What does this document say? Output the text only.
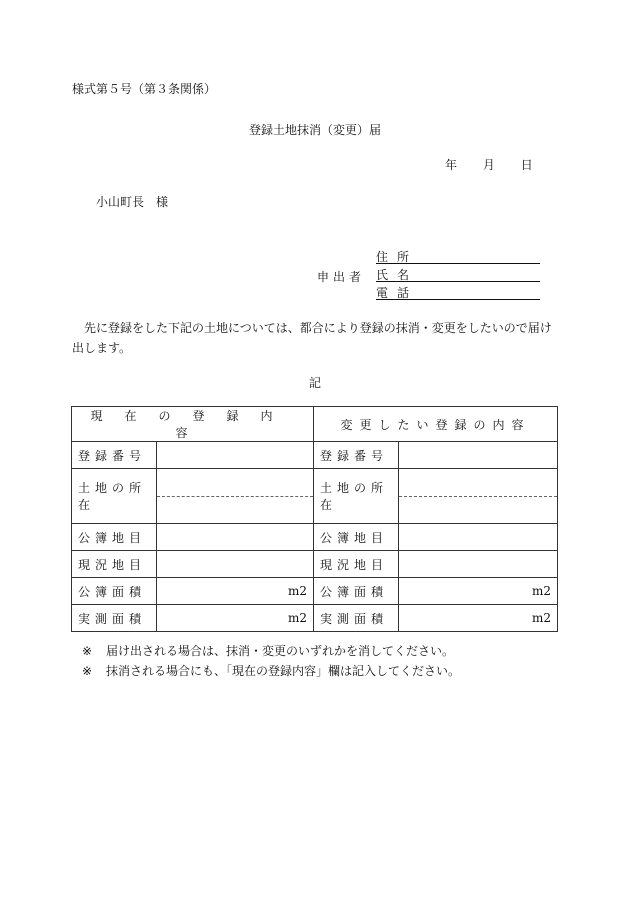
様式第５号（第３条関係）
登録土地抹消（変更）届
年 月 日
小山町長　様
申出者
住所
氏名
電話
先に登録をした下記の土地については、都合により登録の抹消・変更をしたいので届け出します。
記
現在の登録内容		変更したい登録の内容	
登録番号		登録番号	
土地の所在		土地の所在	
公簿地目		公簿地目	
現況地目		現況地目	
公簿面積	m2	公簿面積	m2
実測面積	m2	実測面積	m2
※ 届け出される場合は、抹消・変更のいずれかを消してください。
※ 抹消される場合にも、「現在の登録内容」欄は記入してください。
